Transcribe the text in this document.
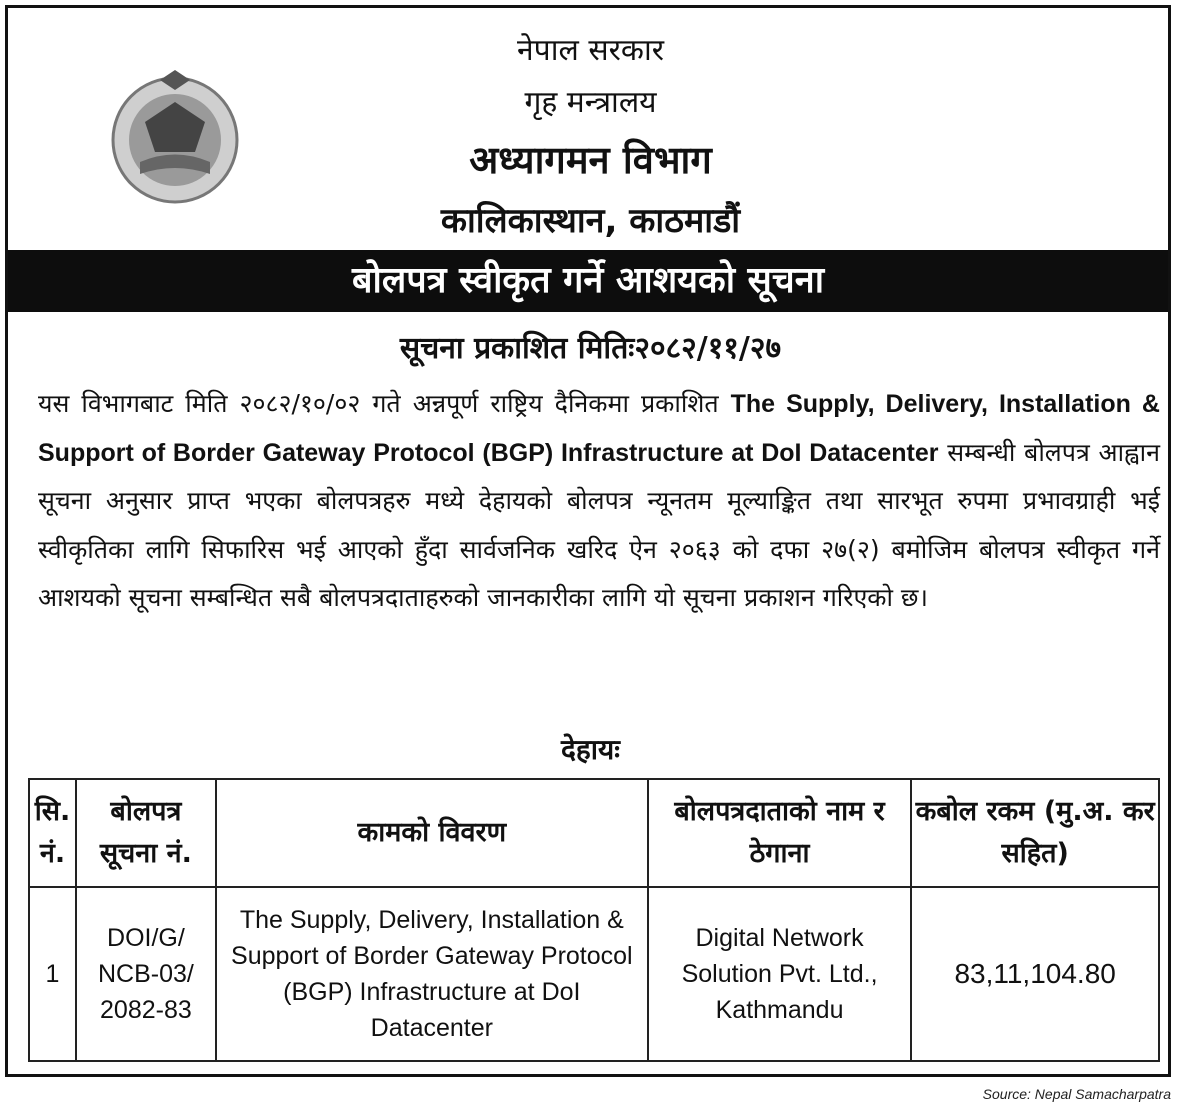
नेपाल सरकार
गृह मन्त्रालय
अध्यागमन विभाग
कालिकास्थान, काठमाडौं
बोलपत्र स्वीकृत गर्ने आशयको सूचना
सूचना प्रकाशित मितिः२०८२/११/२७
यस विभागबाट मिति २०८२/१०/०२ गते अन्नपूर्ण राष्ट्रिय दैनिकमा प्रकाशित The Supply, Delivery, Installation & Support of Border Gateway Protocol (BGP) Infrastructure at DoI Datacenter सम्बन्धी बोलपत्र आह्वान सूचना अनुसार प्राप्त भएका बोलपत्रहरु मध्ये देहायको बोलपत्र न्यूनतम मूल्याङ्कित तथा सारभूत रुपमा प्रभावग्राही भई स्वीकृतिका लागि सिफारिस भई आएको हुँदा सार्वजनिक खरिद ऐन २०६३ को दफा २७(२) बमोजिम बोलपत्र स्वीकृत गर्ने आशयको सूचना सम्बन्धित सबै बोलपत्रदाताहरुको जानकारीका लागि यो सूचना प्रकाशन गरिएको छ।
देहायः
सि. नं.	बोलपत्र सूचना नं.	कामको विवरण	बोलपत्रदाताको नाम र ठेगाना	कबोल रकम (मु.अ. कर सहित)
1	DOI/G/ NCB-03/ 2082-83	The Supply, Delivery, Installation & Support of Border Gateway Protocol (BGP) Infrastructure at DoI Datacenter	Digital Network Solution Pvt. Ltd., Kathmandu	83,11,104.80
Source: Nepal Samacharpatra
